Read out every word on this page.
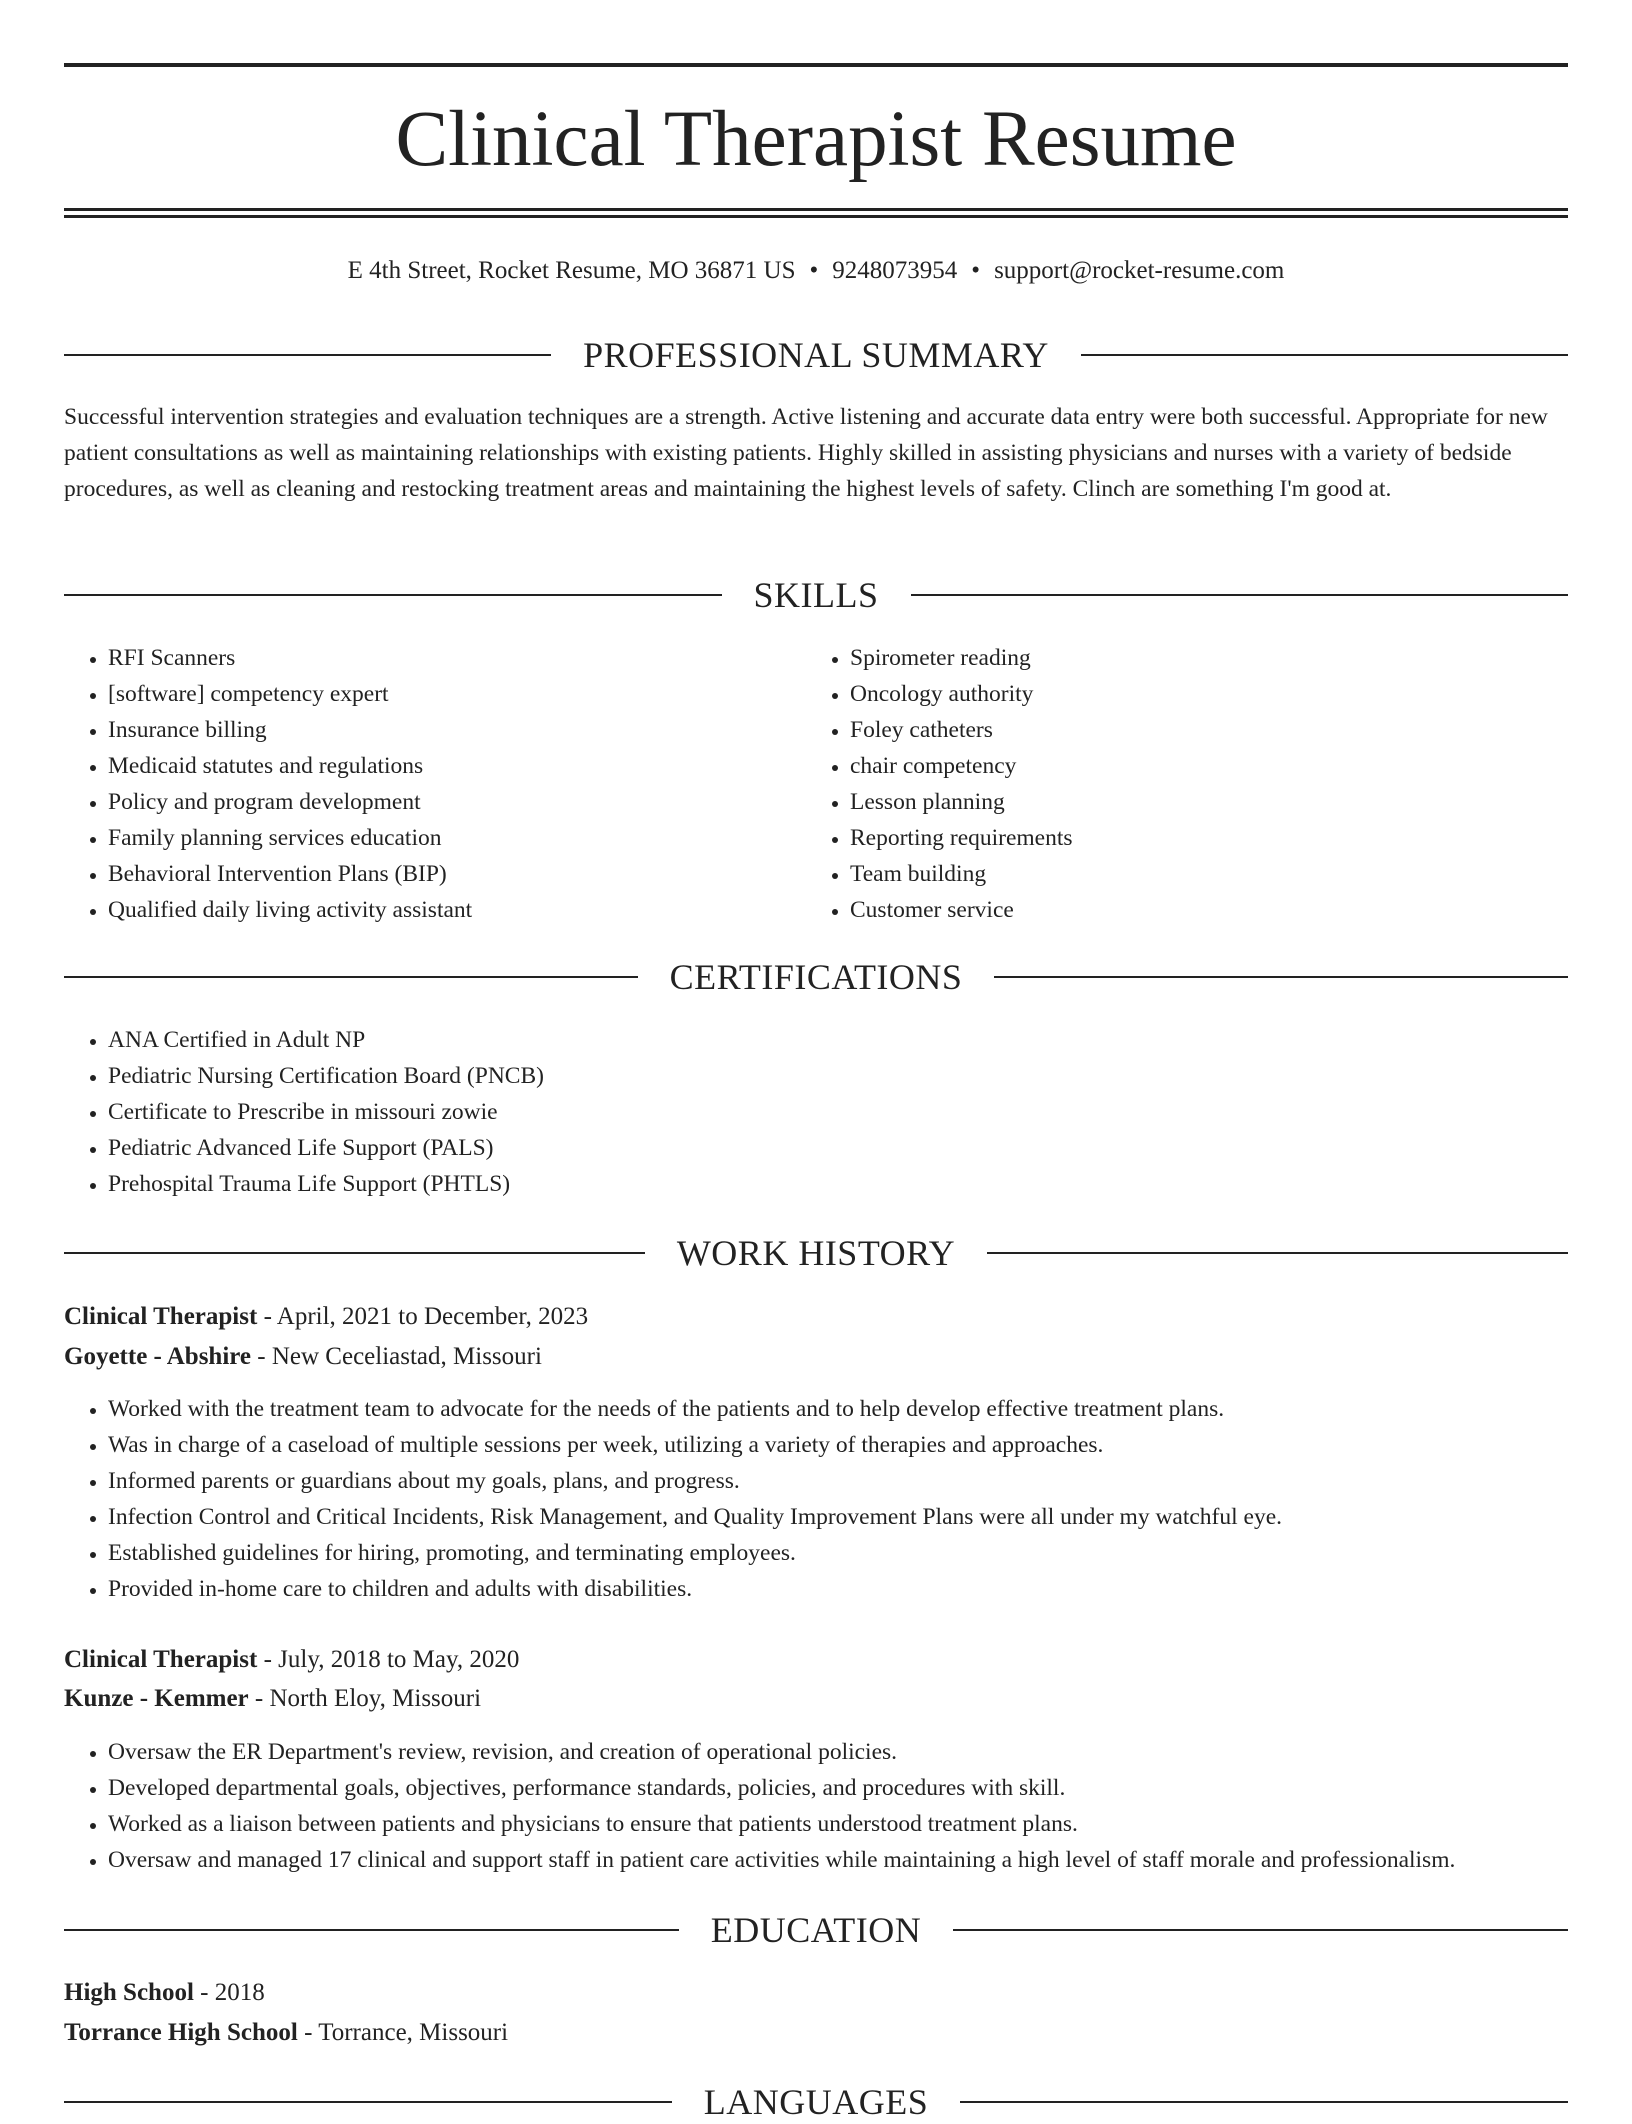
Clinical Therapist Resume
E 4th Street, Rocket Resume, MO 36871 US • 9248073954 • support@rocket-resume.com
PROFESSIONAL SUMMARY

Successful intervention strategies and evaluation techniques are a strength. Active listening and accurate data entry were both successful. Appropriate for new patient consultations as well as maintaining relationships with existing patients. Highly skilled in assisting physicians and nurses with a variety of bedside procedures, as well as cleaning and restocking treatment areas and maintaining the highest levels of safety. Clinch are something I'm good at.

SKILLS
• RFI Scanners
• [software] competency expert
• Insurance billing
• Medicaid statutes and regulations
• Policy and program development
• Family planning services education
• Behavioral Intervention Plans (BIP)
• Qualified daily living activity assistant
• Spirometer reading
• Oncology authority
• Foley catheters
• chair competency
• Lesson planning
• Reporting requirements
• Team building
• Customer service
CERTIFICATIONS
• ANA Certified in Adult NP
• Pediatric Nursing Certification Board (PNCB)
• Certificate to Prescribe in missouri zowie
• Pediatric Advanced Life Support (PALS)
• Prehospital Trauma Life Support (PHTLS)
WORK HISTORY
Clinical Therapist - April, 2021 to December, 2023
Goyette - Abshire - New Ceceliastad, Missouri
• Worked with the treatment team to advocate for the needs of the patients and to help develop effective treatment plans.
• Was in charge of a caseload of multiple sessions per week, utilizing a variety of therapies and approaches.
• Informed parents or guardians about my goals, plans, and progress.
• Infection Control and Critical Incidents, Risk Management, and Quality Improvement Plans were all under my watchful eye.
• Established guidelines for hiring, promoting, and terminating employees.
• Provided in-home care to children and adults with disabilities.
Clinical Therapist - July, 2018 to May, 2020
Kunze - Kemmer - North Eloy, Missouri
• Oversaw the ER Department's review, revision, and creation of operational policies.
• Developed departmental goals, objectives, performance standards, policies, and procedures with skill.
• Worked as a liaison between patients and physicians to ensure that patients understood treatment plans.
• Oversaw and managed 17 clinical and support staff in patient care activities while maintaining a high level of staff morale and professionalism.
EDUCATION
High School - 2018
Torrance High School - Torrance, Missouri
LANGUAGES
